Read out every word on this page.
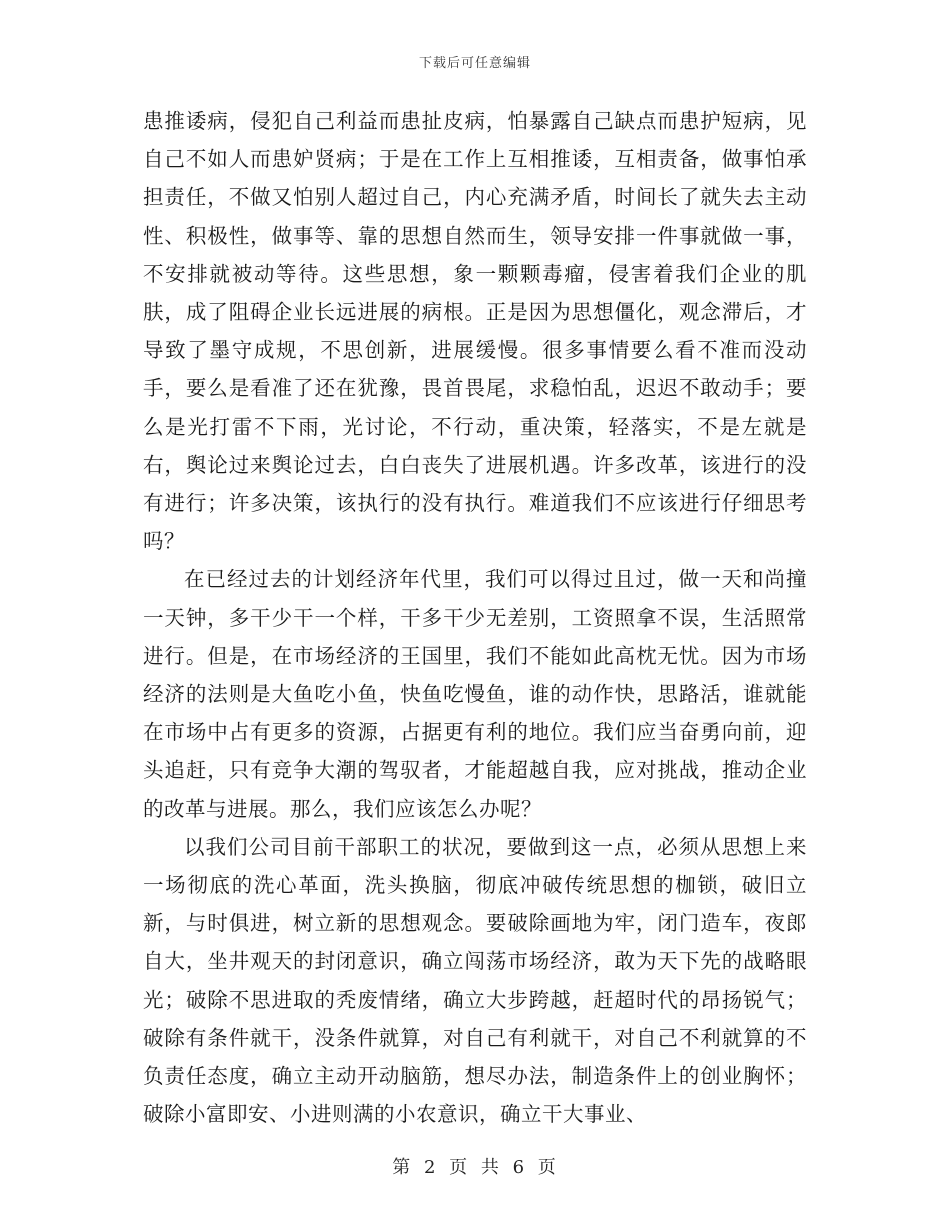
下载后可任意编辑

患推诿病，侵犯自己利益而患扯皮病，怕暴露自己缺点而患护短病，见自己不如人而患妒贤病；于是在工作上互相推诿，互相责备，做事怕承担责任，不做又怕别人超过自己，内心充满矛盾，时间长了就失去主动性、积极性，做事等、靠的思想自然而生，领导安排一件事就做一事，不安排就被动等待。这些思想，象一颗颗毒瘤，侵害着我们企业的肌肤，成了阻碍企业长远进展的病根。正是因为思想僵化，观念滞后，才导致了墨守成规，不思创新，进展缓慢。很多事情要么看不准而没动手，要么是看准了还在犹豫，畏首畏尾，求稳怕乱，迟迟不敢动手；要么是光打雷不下雨，光讨论，不行动，重决策，轻落实，不是左就是右，舆论过来舆论过去，白白丧失了进展机遇。许多改革，该进行的没有进行；许多决策，该执行的没有执行。难道我们不应该进行仔细思考吗？

在已经过去的计划经济年代里，我们可以得过且过，做一天和尚撞一天钟，多干少干一个样，干多干少无差别，工资照拿不误，生活照常进行。但是，在市场经济的王国里，我们不能如此高枕无忧。因为市场经济的法则是大鱼吃小鱼，快鱼吃慢鱼，谁的动作快，思路活，谁就能在市场中占有更多的资源，占据更有利的地位。我们应当奋勇向前，迎头追赶，只有竞争大潮的驾驭者，才能超越自我，应对挑战，推动企业的改革与进展。那么，我们应该怎么办呢？

以我们公司目前干部职工的状况，要做到这一点，必须从思想上来一场彻底的洗心革面，洗头换脑，彻底冲破传统思想的枷锁，破旧立新，与时俱进，树立新的思想观念。要破除画地为牢，闭门造车，夜郎自大，坐井观天的封闭意识，确立闯荡市场经济，敢为天下先的战略眼光；破除不思进取的秃废情绪，确立大步跨越，赶超时代的昂扬锐气；破除有条件就干，没条件就算，对自己有利就干，对自己不利就算的不负责任态度，确立主动开动脑筋，想尽办法，制造条件上的创业胸怀；破除小富即安、小进则满的小农意识，确立干大事业、

第 2 页 共 6 页
